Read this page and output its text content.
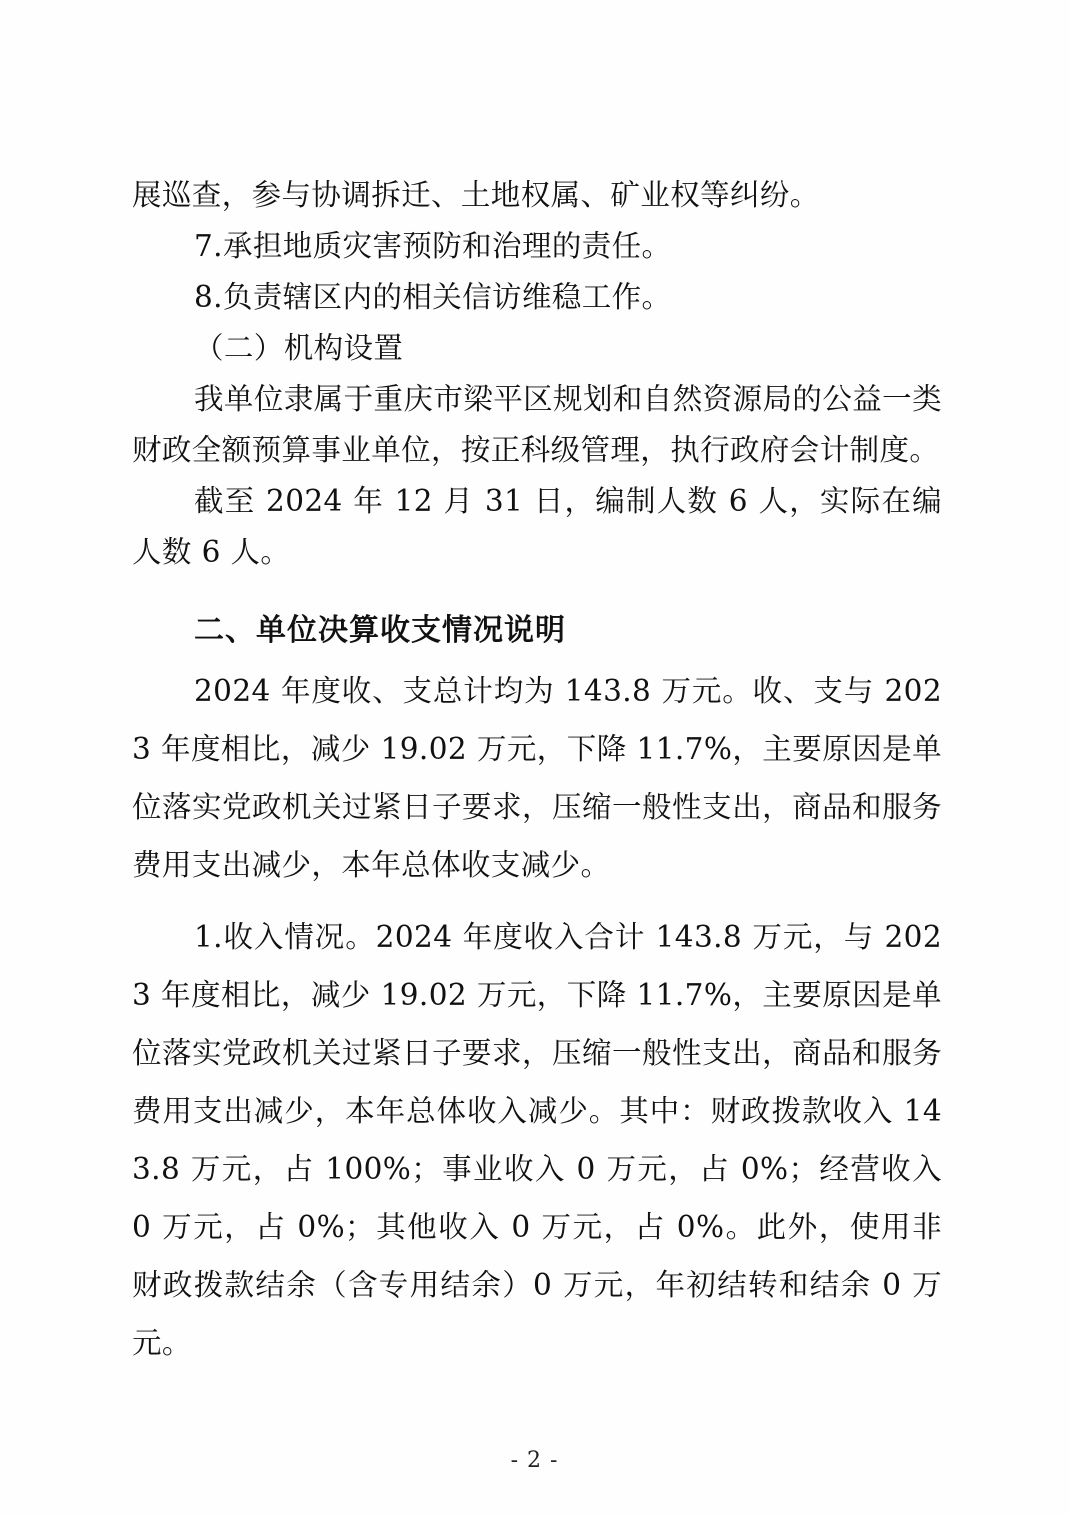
展巡查，参与协调拆迁、土地权属、矿业权等纠纷。

7.承担地质灾害预防和治理的责任。

8.负责辖区内的相关信访维稳工作。

（二）机构设置

我单位隶属于重庆市梁平区规划和自然资源局的公益一类财政全额预算事业单位，按正科级管理，执行政府会计制度。

截至 2024 年 12 月 31 日，编制人数 6 人，实际在编人数 6 人。

二、单位决算收支情况说明

2024 年度收、支总计均为 143.8 万元。收、支与 2023 年度相比，减少 19.02 万元，下降 11.7%，主要原因是单位落实党政机关过紧日子要求，压缩一般性支出，商品和服务费用支出减少，本年总体收支减少。

1.收入情况。2024 年度收入合计 143.8 万元，与 2023 年度相比，减少 19.02 万元，下降 11.7%，主要原因是单位落实党政机关过紧日子要求，压缩一般性支出，商品和服务费用支出减少，本年总体收入减少。其中：财政拨款收入 143.8 万元，占 100%；事业收入 0 万元，占 0%；经营收入 0 万元，占 0%；其他收入 0 万元，占 0%。此外，使用非财政拨款结余（含专用结余）0 万元，年初结转和结余 0 万元。

- 2 -
